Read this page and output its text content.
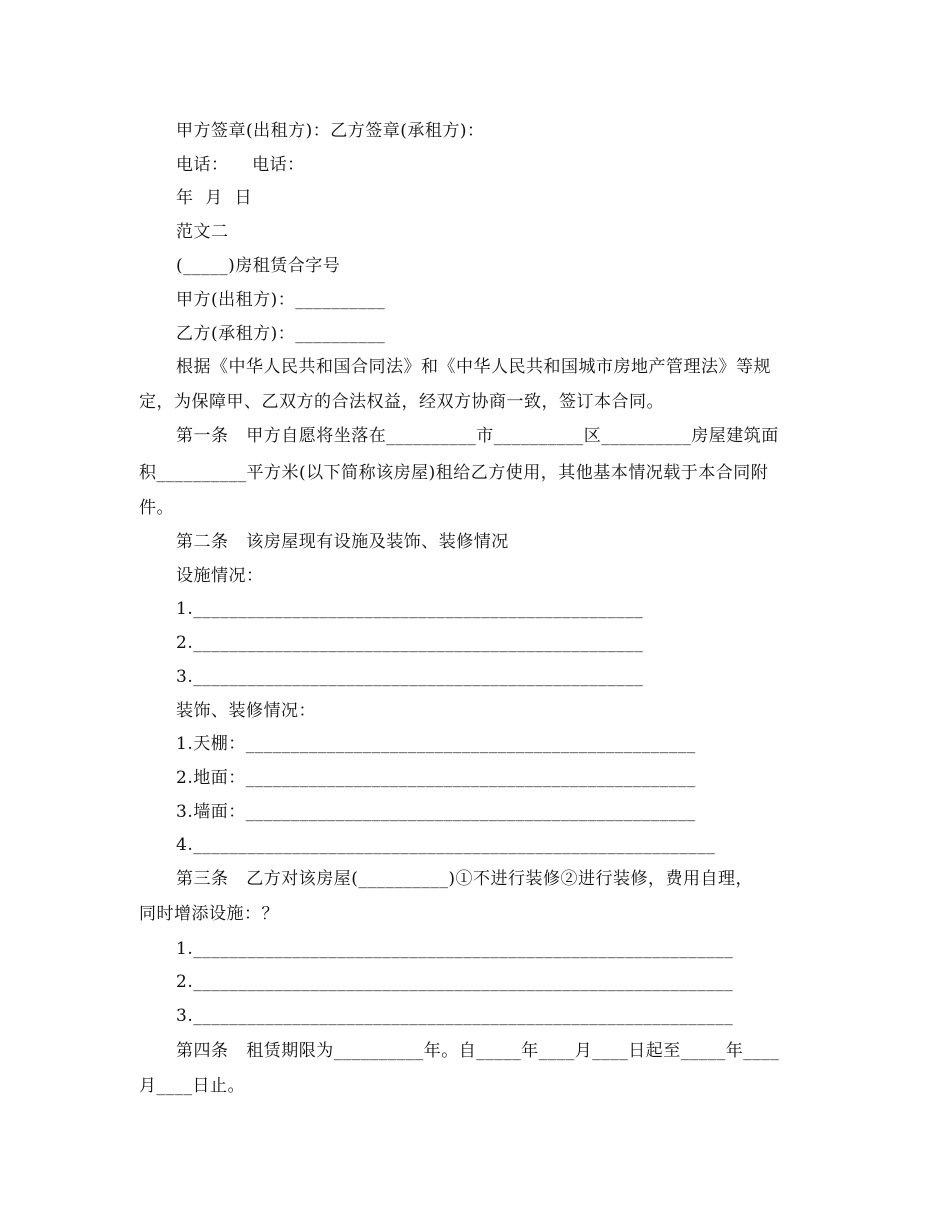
甲方签章(出租方)：乙方签章(承租方)：
电话：    电话：
年  月  日
范文二
(_____)房租赁合字号
甲方(出租方)：__________
乙方(承租方)：__________
根据《中华人民共和国合同法》和《中华人民共和国城市房地产管理法》等规
定，为保障甲、乙双方的合法权益，经双方协商一致，签订本合同。
第一条   甲方自愿将坐落在__________市__________区__________房屋建筑面
积__________平方米(以下简称该房屋)租给乙方使用，其他基本情况载于本合同附
件。
第二条   该房屋现有设施及装饰、装修情况
设施情况：
1.__________________________________________________
2.__________________________________________________
3.__________________________________________________
装饰、装修情况：
1.天棚：__________________________________________________
2.地面：__________________________________________________
3.墙面：__________________________________________________
4.__________________________________________________________
第三条   乙方对该房屋(__________)①不进行装修②进行装修，费用自理，
同时增添设施：？
1.____________________________________________________________
2.____________________________________________________________
3.____________________________________________________________
第四条   租赁期限为__________年。自_____年____月____日起至_____年____
月____日止。
